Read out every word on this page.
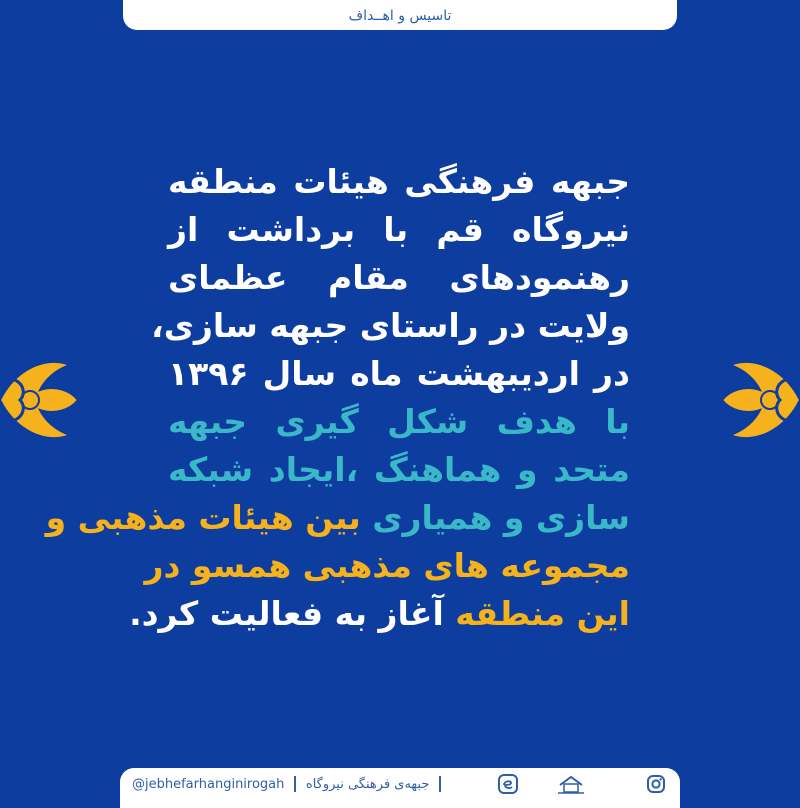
تاسیس و اهــداف
جبهه فرهنگی هیئات منطقه
نیروگاه قم با برداشت از
رهنمودهای مقام عظمای
ولایت در راستای جبهه سازی،
در اردیبهشت ماه سال ۱۳۹۶
با هدف شکل گیری جبهه
متحد و هماهنگ ،ایجاد شبکه
سازی و همیاری بین هیئات مذهبی و
مجموعه های مذهبی همسو در
این منطقه آغاز به فعالیت کرد.
@jebhefarhanginirogah جبهه‌ی فرهنگی نیروگاه
